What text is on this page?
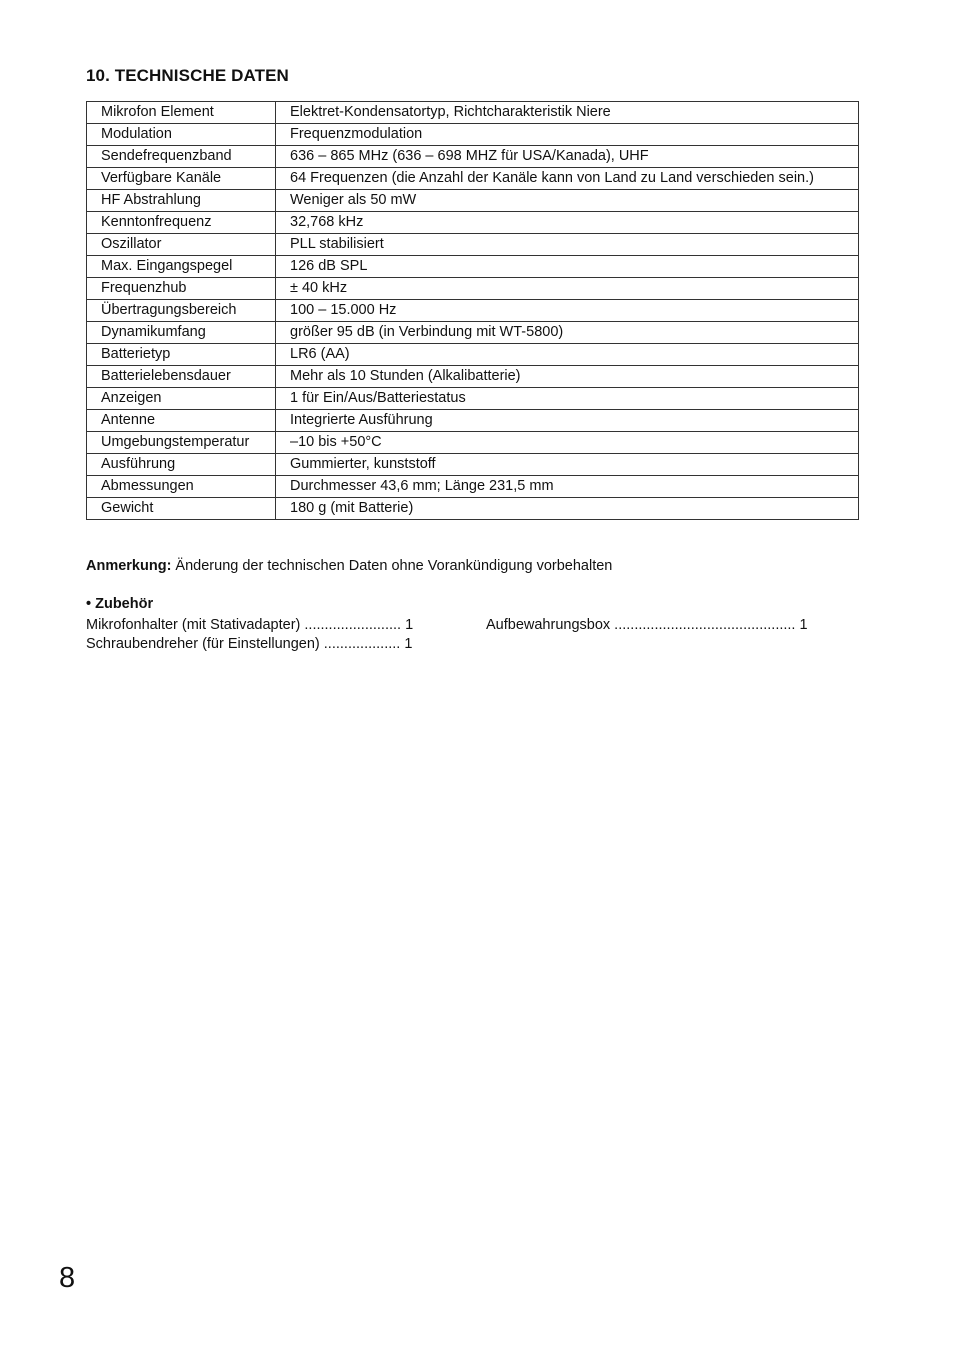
10. TECHNISCHE DATEN
Mikrofon Element	Elektret-Kondensatortyp, Richtcharakteristik Niere
Modulation	Frequenzmodulation
Sendefrequenzband	636 – 865 MHz (636 – 698 MHZ für USA/Kanada), UHF
Verfügbare Kanäle	64 Frequenzen (die Anzahl der Kanäle kann von Land zu Land verschieden sein.)
HF Abstrahlung	Weniger als 50 mW
Kenntonfrequenz	32,768 kHz
Oszillator	PLL stabilisiert
Max. Eingangspegel	126 dB SPL
Frequenzhub	± 40 kHz
Übertragungsbereich	100 – 15.000 Hz
Dynamikumfang	größer 95 dB (in Verbindung mit WT-5800)
Batterietyp	LR6 (AA)
Batterielebensdauer	Mehr als 10 Stunden (Alkalibatterie)
Anzeigen	1 für Ein/Aus/Batteriestatus
Antenne	Integrierte Ausführung
Umgebungstemperatur	–10 bis +50°C
Ausführung	Gummierter, kunststoff
Abmessungen	Durchmesser 43,6 mm; Länge 231,5 mm
Gewicht	180 g (mit Batterie)

Anmerkung: Änderung der technischen Daten ohne Vorankündigung vorbehalten

• Zubehör

Mikrofonhalter (mit Stativadapter) ........................ 1

Schraubendreher (für Einstellungen) ................... 1

Aufbewahrungsbox ............................................. 1

8
